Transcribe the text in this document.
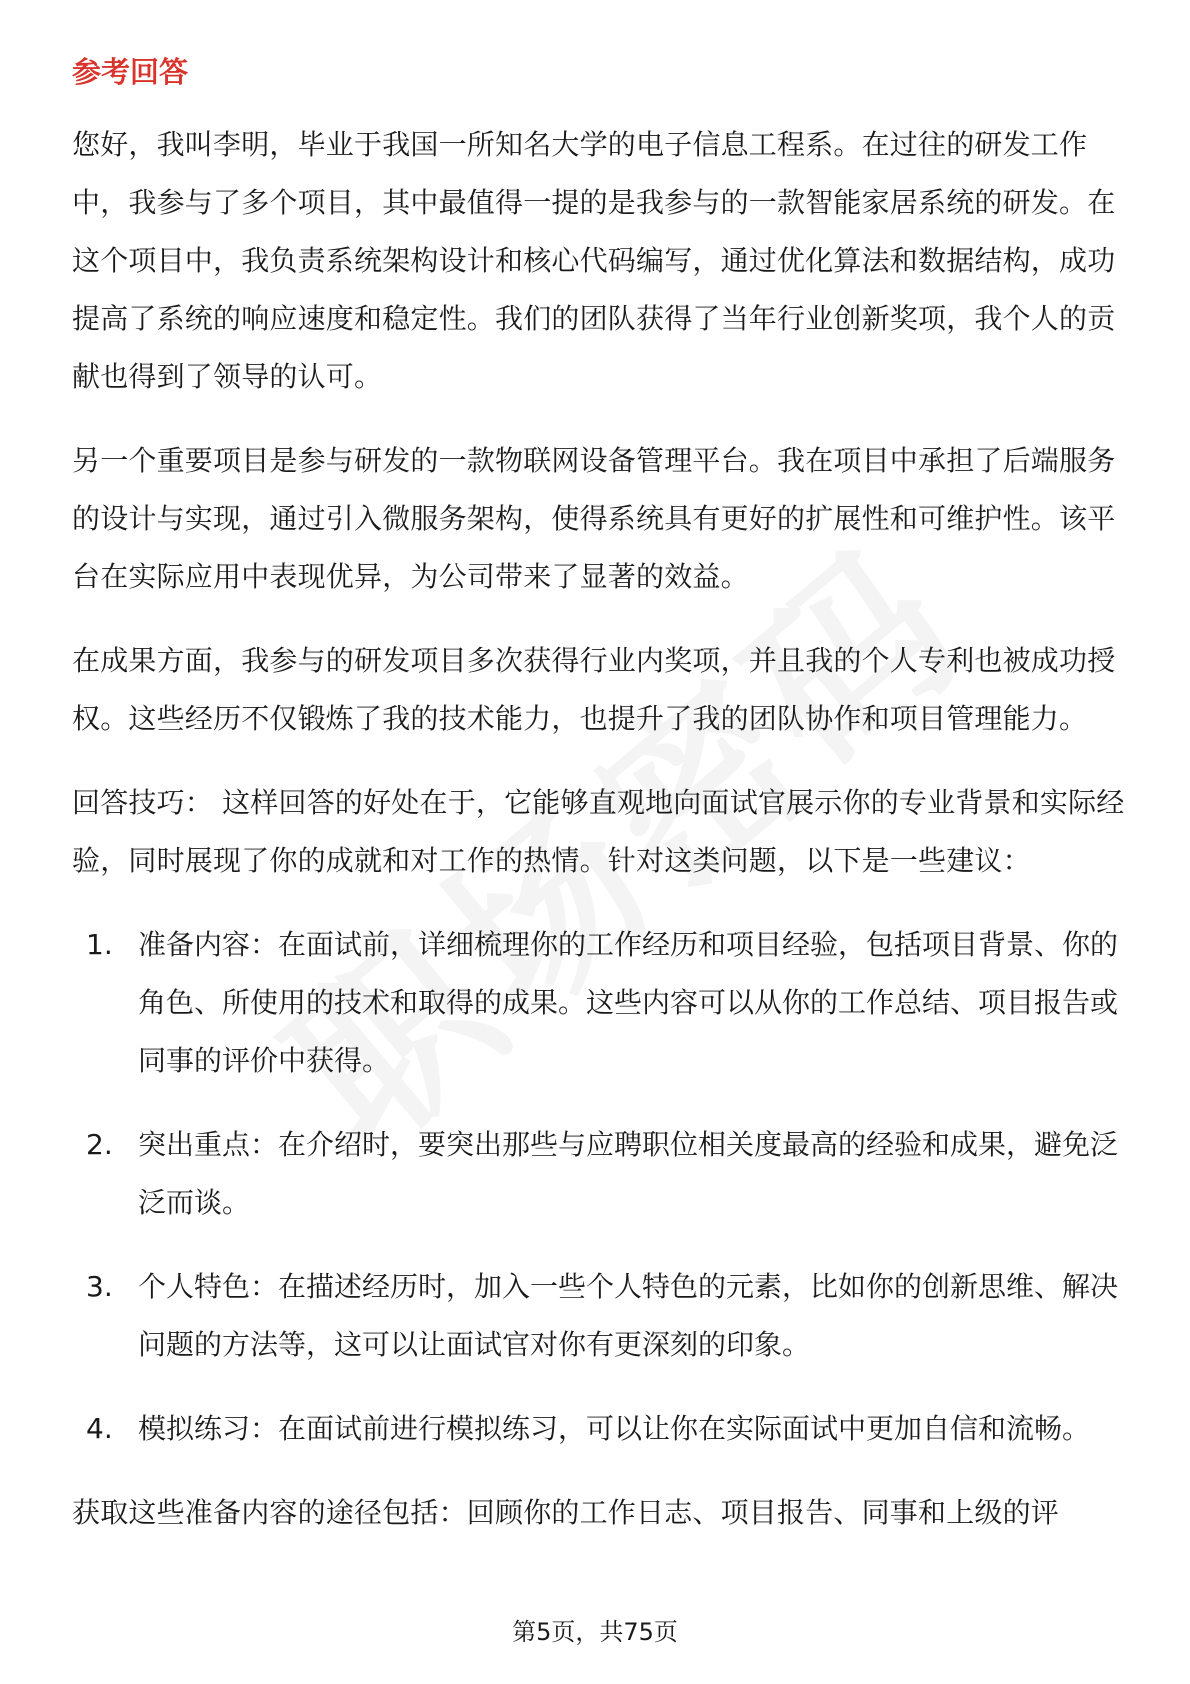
参考回答

您好，我叫李明，毕业于我国一所知名大学的电子信息工程系。在过往的研发工作中，我参与了多个项目，其中最值得一提的是我参与的一款智能家居系统的研发。在这个项目中，我负责系统架构设计和核心代码编写，通过优化算法和数据结构，成功提高了系统的响应速度和稳定性。我们的团队获得了当年行业创新奖项，我个人的贡献也得到了领导的认可。

另一个重要项目是参与研发的一款物联网设备管理平台。我在项目中承担了后端服务的设计与实现，通过引入微服务架构，使得系统具有更好的扩展性和可维护性。该平台在实际应用中表现优异，为公司带来了显著的效益。

在成果方面，我参与的研发项目多次获得行业内奖项，并且我的个人专利也被成功授权。这些经历不仅锻炼了我的技术能力，也提升了我的团队协作和项目管理能力。

回答技巧： 这样回答的好处在于，它能够直观地向面试官展示你的专业背景和实际经验，同时展现了你的成就和对工作的热情。针对这类问题，以下是一些建议：

1. 准备内容：在面试前，详细梳理你的工作经历和项目经验，包括项目背景、你的角色、所使用的技术和取得的成果。这些内容可以从你的工作总结、项目报告或同事的评价中获得。
2. 突出重点：在介绍时，要突出那些与应聘职位相关度最高的经验和成果，避免泛泛而谈。
3. 个人特色：在描述经历时，加入一些个人特色的元素，比如你的创新思维、解决问题的方法等，这可以让面试官对你有更深刻的印象。
4. 模拟练习：在面试前进行模拟练习，可以让你在实际面试中更加自信和流畅。

获取这些准备内容的途径包括：回顾你的工作日志、项目报告、同事和上级的评

第5页，共75页
